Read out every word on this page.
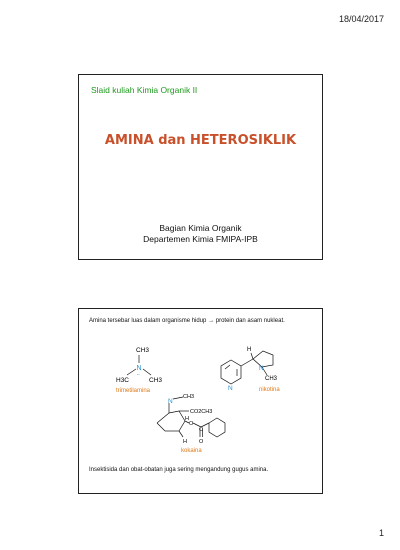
18/04/2017
Slaid kuliah Kimia Organik II
AMINA dan HETEROSIKLIK
Bagian Kimia Organik
Departemen Kimia FMIPA-IPB
Amina tersebar luas dalam organisme hidup → protein dan asam nukleat.
CH3
N
..
H3C	CH3
trimetilamina
H
N
CH3
N	nikotina
N
CH3
CO2CH3
H
O
H
C
O
kokaina
Insektisida dan obat-obatan juga sering mengandung gugus amina.
1
